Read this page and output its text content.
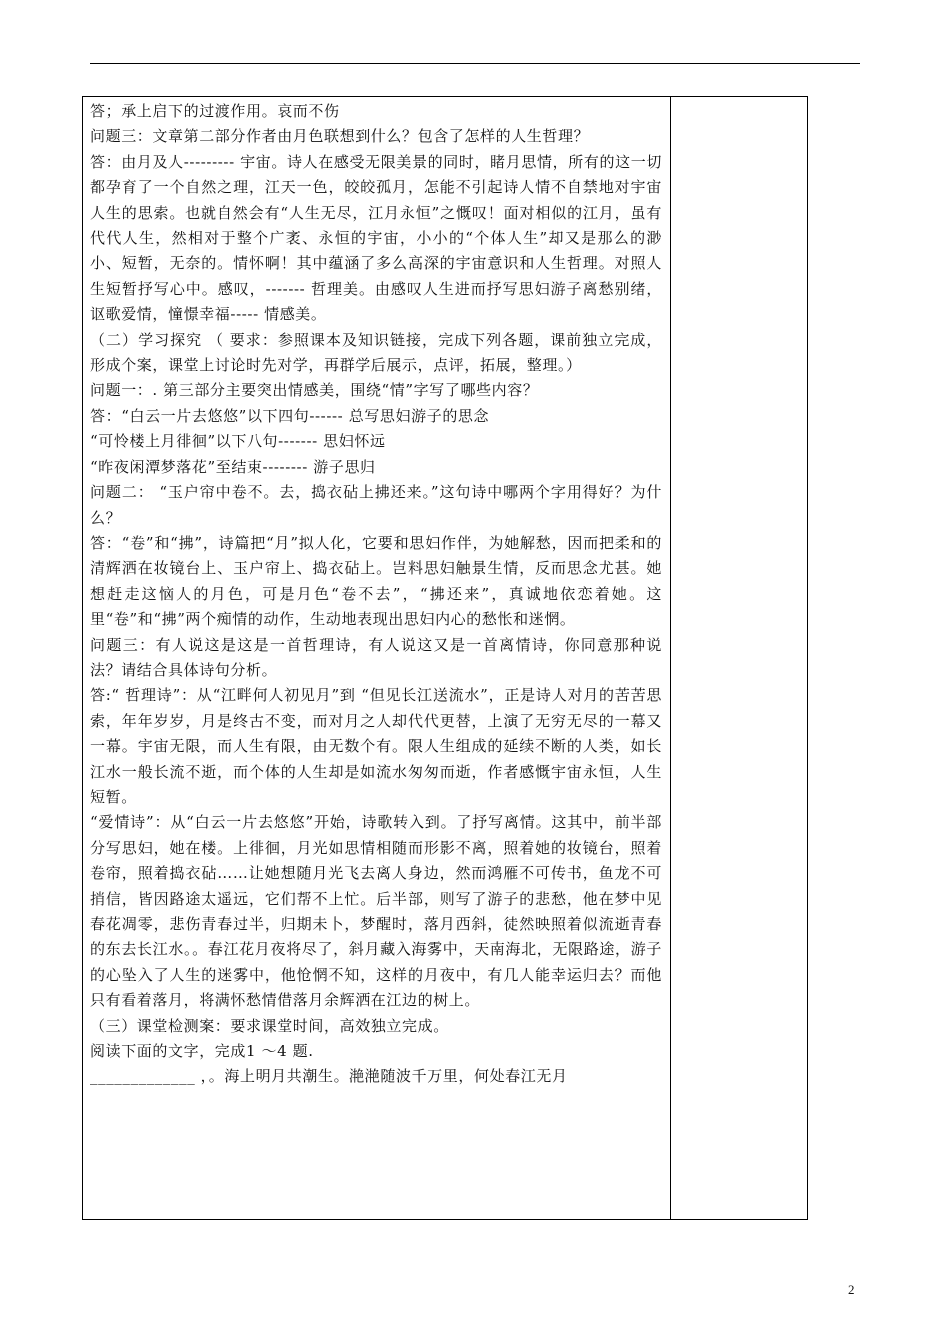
答；承上启下的过渡作用。哀而不伤

问题三：文章第二部分作者由月色联想到什么？包含了怎样的人生哲理？

答：由月及人--------- 宇宙。诗人在感受无限美景的同时，睹月思情，所有的这一切都孕育了一个自然之理，江天一色，皎皎孤月，怎能不引起诗人情不自禁地对宇宙人生的思索。也就自然会有“人生无尽，江月永恒”之慨叹！面对相似的江月，虽有代代人生，然相对于整个广袤、永恒的宇宙，小小的“个体人生”却又是那么的渺小、短暂，无奈的。情怀啊！其中蕴涵了多么高深的宇宙意识和人生哲理。对照人生短暂抒写心中。感叹，------- 哲理美。由感叹人生进而抒写思妇游子离愁别绪，讴歌爱情，憧憬幸福----- 情感美。

（二）学习探究 （ 要求：参照课本及知识链接，完成下列各题，课前独立完成，形成个案，课堂上讨论时先对学，再群学后展示，点评，拓展，整理。）

问题一：. 第三部分主要突出情感美，围绕“情”字写了哪些内容？

答：“白云一片去悠悠”以下四句------ 总写思妇游子的思念

“可怜楼上月徘徊”以下八句------- 思妇怀远

“昨夜闲潭梦落花”至结束-------- 游子思归

问题二： “玉户帘中卷不。去，捣衣砧上拂还来。”这句诗中哪两个字用得好？为什么？

答：“卷”和“拂”，诗篇把“月”拟人化，它要和思妇作伴，为她解愁，因而把柔和的清辉洒在妆镜台上、玉户帘上、捣衣砧上。岂料思妇触景生情，反而思念尤甚。她想赶走这恼人的月色，可是月色“卷不去”，“拂还来”，真诚地依恋着她。这里“卷”和“拂”两个痴情的动作，生动地表现出思妇内心的愁怅和迷惘。

问题三：有人说这是这是一首哲理诗，有人说这又是一首离情诗，你同意那种说法？请结合具体诗句分析。

答:“ 哲理诗”：从“江畔何人初见月”到 “但见长江送流水”，正是诗人对月的苦苦思索，年年岁岁，月是终古不变，而对月之人却代代更替，上演了无穷无尽的一幕又一幕。宇宙无限，而人生有限，由无数个有。限人生组成的延续不断的人类，如长江水一般长流不逝，而个体的人生却是如流水匆匆而逝，作者感慨宇宙永恒，人生短暂。

“爱情诗”：从“白云一片去悠悠”开始，诗歌转入到。了抒写离情。这其中，前半部分写思妇，她在楼。上徘徊，月光如思情相随而形影不离，照着她的妆镜台，照着卷帘，照着捣衣砧……让她想随月光飞去离人身边，然而鸿雁不可传书，鱼龙不可捎信，皆因路途太遥远，它们帮不上忙。后半部，则写了游子的悲愁，他在梦中见春花凋零，悲伤青春过半，归期未卜，梦醒时，落月西斜，徒然映照着似流逝青春的东去长江水。。春江花月夜将尽了，斜月藏入海雾中，天南海北，无限路途，游子的心坠入了人生的迷雾中，他怆惘不知，这样的月夜中，有几人能幸运归去？而他只有看着落月，将满怀愁情借落月余辉洒在江边的树上。

（三）课堂检测案：要求课堂时间，高效独立完成。

阅读下面的文字，完成1 ～4 题.

_____________ ，。海上明月共潮生。滟滟随波千万里，何处春江无月

2
